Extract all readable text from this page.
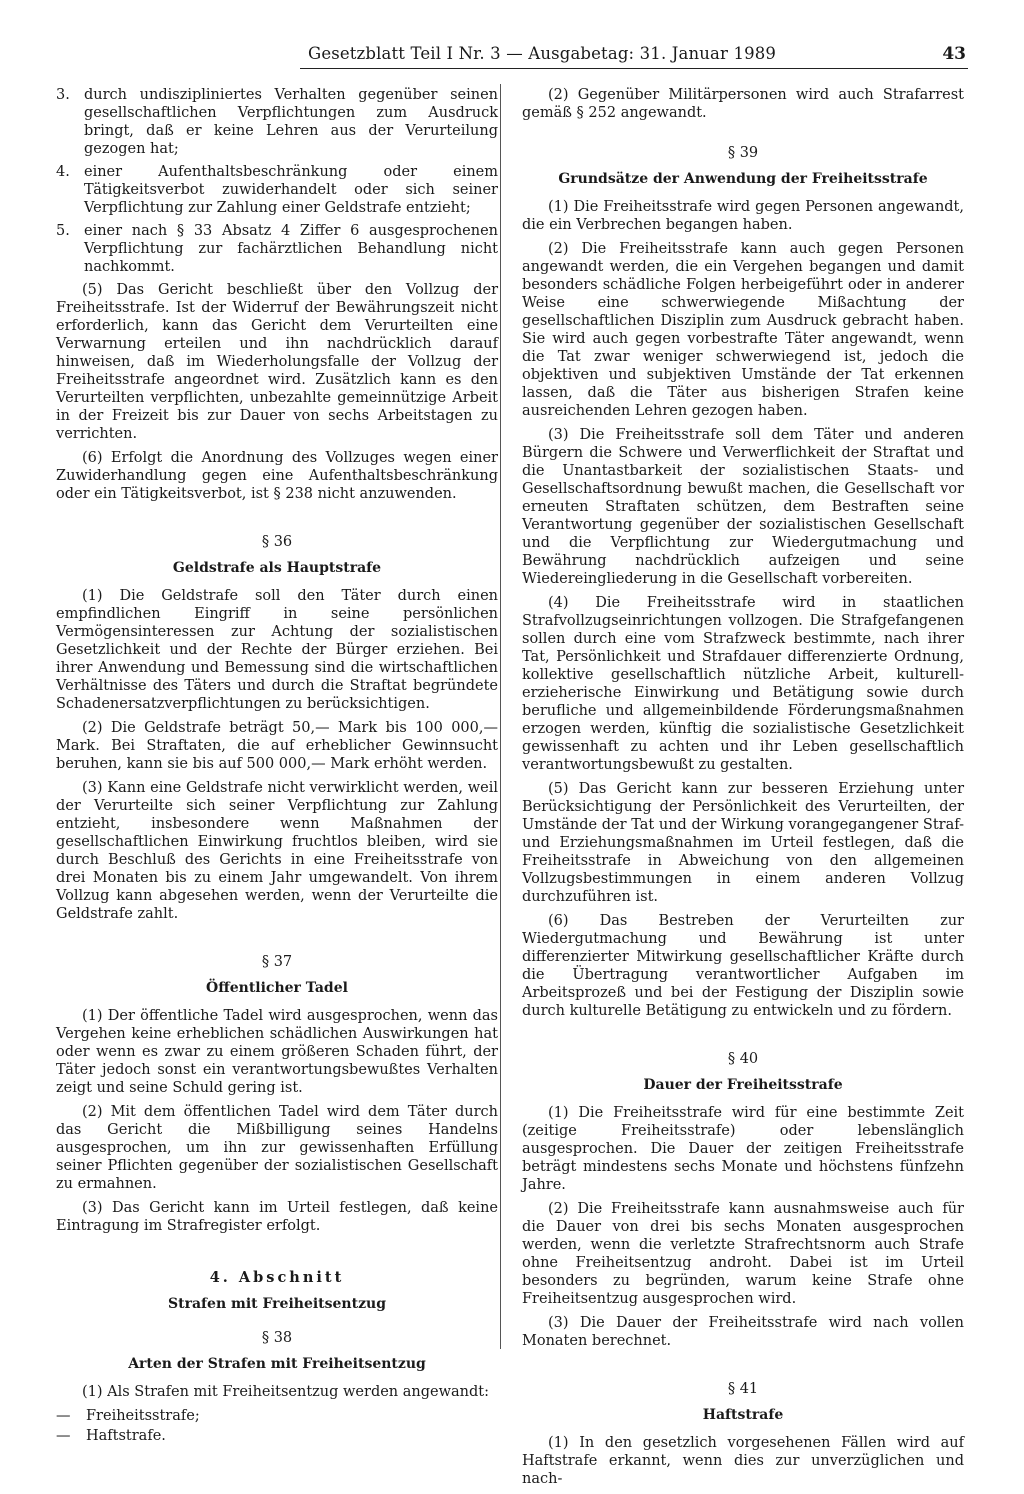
Gesetzblatt Teil I Nr. 3 — Ausgabetag: 31. Januar 1989	43
3. durch undiszipliniertes Verhalten gegenüber seinen gesellschaftlichen Verpflichtungen zum Ausdruck bringt, daß er keine Lehren aus der Verurteilung gezogen hat;
4. einer Aufenthaltsbeschränkung oder einem Tätigkeitsverbot zuwiderhandelt oder sich seiner Verpflichtung zur Zahlung einer Geldstrafe entzieht;
5. einer nach § 33 Absatz 4 Ziffer 6 ausgesprochenen Verpflichtung zur fachärztlichen Behandlung nicht nachkommt.

(5) Das Gericht beschließt über den Vollzug der Freiheitsstrafe. Ist der Widerruf der Bewährungszeit nicht erforderlich, kann das Gericht dem Verurteilten eine Verwarnung erteilen und ihn nachdrücklich darauf hinweisen, daß im Wiederholungsfalle der Vollzug der Freiheitsstrafe angeordnet wird. Zusätzlich kann es den Verurteilten verpflichten, unbezahlte gemeinnützige Arbeit in der Freizeit bis zur Dauer von sechs Arbeitstagen zu verrichten.

(6) Erfolgt die Anordnung des Vollzuges wegen einer Zuwiderhandlung gegen eine Aufenthaltsbeschränkung oder ein Tätigkeitsverbot, ist § 238 nicht anzuwenden.

§ 36
Geldstrafe als Hauptstrafe

(1) Die Geldstrafe soll den Täter durch einen empfindlichen Eingriff in seine persönlichen Vermögensinteressen zur Achtung der sozialistischen Gesetzlichkeit und der Rechte der Bürger erziehen. Bei ihrer Anwendung und Bemessung sind die wirtschaftlichen Verhältnisse des Täters und durch die Straftat begründete Schadenersatzverpflichtungen zu berücksichtigen.

(2) Die Geldstrafe beträgt 50,— Mark bis 100 000,— Mark. Bei Straftaten, die auf erheblicher Gewinnsucht beruhen, kann sie bis auf 500 000,— Mark erhöht werden.

(3) Kann eine Geldstrafe nicht verwirklicht werden, weil der Verurteilte sich seiner Verpflichtung zur Zahlung entzieht, insbesondere wenn Maßnahmen der gesellschaftlichen Einwirkung fruchtlos bleiben, wird sie durch Beschluß des Gerichts in eine Freiheitsstrafe von drei Monaten bis zu einem Jahr umgewandelt. Von ihrem Vollzug kann abgesehen werden, wenn der Verurteilte die Geldstrafe zahlt.

§ 37
Öffentlicher Tadel

(1) Der öffentliche Tadel wird ausgesprochen, wenn das Vergehen keine erheblichen schädlichen Auswirkungen hat oder wenn es zwar zu einem größeren Schaden führt, der Täter jedoch sonst ein verantwortungsbewußtes Verhalten zeigt und seine Schuld gering ist.

(2) Mit dem öffentlichen Tadel wird dem Täter durch das Gericht die Mißbilligung seines Handelns ausgesprochen, um ihn zur gewissenhaften Erfüllung seiner Pflichten gegenüber der sozialistischen Gesellschaft zu ermahnen.

(3) Das Gericht kann im Urteil festlegen, daß keine Eintragung im Strafregister erfolgt.

4. Abschnitt
Strafen mit Freiheitsentzug
§ 38
Arten der Strafen mit Freiheitsentzug

(1) Als Strafen mit Freiheitsentzug werden angewandt:

—	Freiheitsstrafe;
—	Haftstrafe.

(2) Gegenüber Militärpersonen wird auch Strafarrest gemäß § 252 angewandt.

§ 39
Grundsätze der Anwendung der Freiheitsstrafe

(1) Die Freiheitsstrafe wird gegen Personen angewandt, die ein Verbrechen begangen haben.

(2) Die Freiheitsstrafe kann auch gegen Personen angewandt werden, die ein Vergehen begangen und damit besonders schädliche Folgen herbeigeführt oder in anderer Weise eine schwerwiegende Mißachtung der gesellschaftlichen Disziplin zum Ausdruck gebracht haben. Sie wird auch gegen vorbestrafte Täter angewandt, wenn die Tat zwar weniger schwerwiegend ist, jedoch die objektiven und subjektiven Umstände der Tat erkennen lassen, daß die Täter aus bisherigen Strafen keine ausreichenden Lehren gezogen haben.

(3) Die Freiheitsstrafe soll dem Täter und anderen Bürgern die Schwere und Verwerflichkeit der Straftat und die Unantastbarkeit der sozialistischen Staats- und Gesellschaftsordnung bewußt machen, die Gesellschaft vor erneuten Straftaten schützen, dem Bestraften seine Verantwortung gegenüber der sozialistischen Gesellschaft und die Verpflichtung zur Wiedergutmachung und Bewährung nachdrücklich aufzeigen und seine Wiedereingliederung in die Gesellschaft vorbereiten.

(4) Die Freiheitsstrafe wird in staatlichen Strafvollzugseinrichtungen vollzogen. Die Strafgefangenen sollen durch eine vom Strafzweck bestimmte, nach ihrer Tat, Persönlichkeit und Strafdauer differenzierte Ordnung, kollektive gesellschaftlich nützliche Arbeit, kulturell-erzieherische Einwirkung und Betätigung sowie durch berufliche und allgemeinbildende Förderungsmaßnahmen erzogen werden, künftig die sozialistische Gesetzlichkeit gewissenhaft zu achten und ihr Leben gesellschaftlich verantwortungsbewußt zu gestalten.

(5) Das Gericht kann zur besseren Erziehung unter Berücksichtigung der Persönlichkeit des Verurteilten, der Umstände der Tat und der Wirkung vorangegangener Straf- und Erziehungsmaßnahmen im Urteil festlegen, daß die Freiheitsstrafe in Abweichung von den allgemeinen Vollzugsbestimmungen in einem anderen Vollzug durchzuführen ist.

(6) Das Bestreben der Verurteilten zur Wiedergutmachung und Bewährung ist unter differenzierter Mitwirkung gesellschaftlicher Kräfte durch die Übertragung verantwortlicher Aufgaben im Arbeitsprozeß und bei der Festigung der Disziplin sowie durch kulturelle Betätigung zu entwickeln und zu fördern.

§ 40
Dauer der Freiheitsstrafe

(1) Die Freiheitsstrafe wird für eine bestimmte Zeit (zeitige Freiheitsstrafe) oder lebenslänglich ausgesprochen. Die Dauer der zeitigen Freiheitsstrafe beträgt mindestens sechs Monate und höchstens fünfzehn Jahre.

(2) Die Freiheitsstrafe kann ausnahmsweise auch für die Dauer von drei bis sechs Monaten ausgesprochen werden, wenn die verletzte Strafrechtsnorm auch Strafe ohne Freiheitsentzug androht. Dabei ist im Urteil besonders zu begründen, warum keine Strafe ohne Freiheitsentzug ausgesprochen wird.

(3) Die Dauer der Freiheitsstrafe wird nach vollen Monaten berechnet.

§ 41
Haftstrafe

(1) In den gesetzlich vorgesehenen Fällen wird auf Haftstrafe erkannt, wenn dies zur unverzüglichen und nach-
